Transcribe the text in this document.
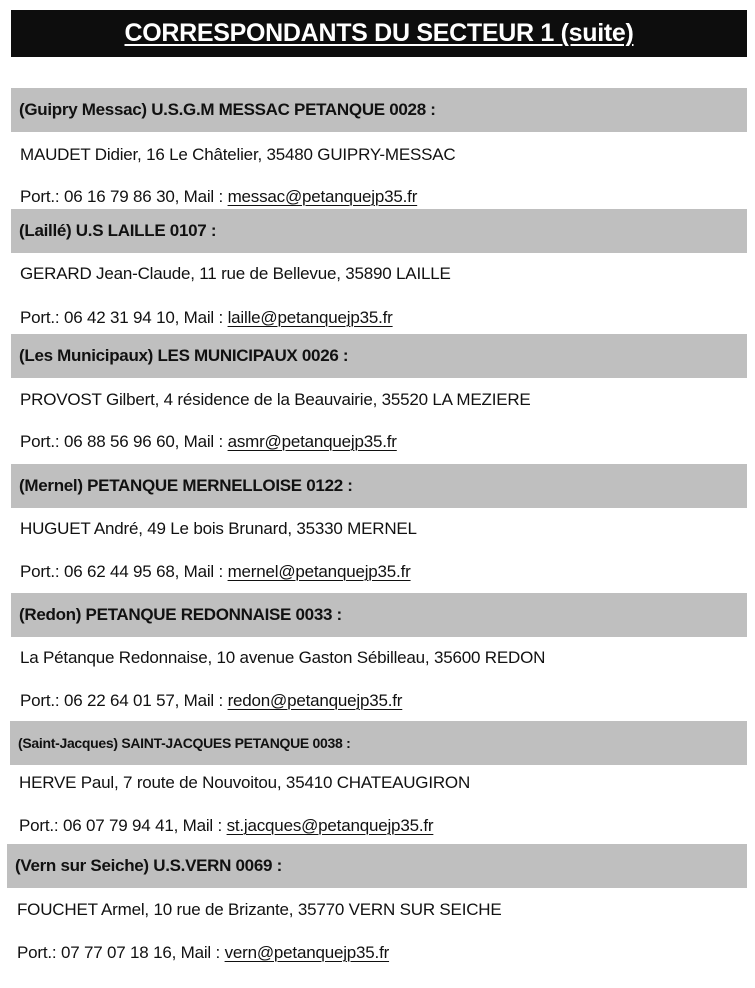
CORRESPONDANTS DU SECTEUR 1 (suite)
(Guipry Messac) U.S.G.M MESSAC PETANQUE 0028 :
MAUDET Didier, 16 Le Châtelier, 35480 GUIPRY-MESSAC
Port.: 06 16 79 86 30, Mail : messac@petanquejp35.fr
(Laillé) U.S LAILLE 0107 :
GERARD Jean-Claude, 11 rue de Bellevue, 35890 LAILLE
Port.: 06 42 31 94 10, Mail : laille@petanquejp35.fr
(Les Municipaux) LES MUNICIPAUX 0026 :
PROVOST Gilbert, 4 résidence de la Beauvairie, 35520 LA MEZIERE
Port.: 06 88 56 96 60, Mail : asmr@petanquejp35.fr
(Mernel) PETANQUE MERNELLOISE 0122 :
HUGUET André, 49 Le bois Brunard, 35330 MERNEL
Port.: 06 62 44 95 68, Mail : mernel@petanquejp35.fr
(Redon) PETANQUE REDONNAISE 0033 :
La Pétanque Redonnaise, 10 avenue Gaston Sébilleau, 35600 REDON
Port.: 06 22 64 01 57, Mail : redon@petanquejp35.fr
(Saint-Jacques) SAINT-JACQUES PETANQUE 0038 :
HERVE Paul, 7 route de Nouvoitou, 35410 CHATEAUGIRON
Port.: 06 07 79 94 41, Mail : st.jacques@petanquejp35.fr
(Vern sur Seiche) U.S.VERN 0069 :
FOUCHET Armel, 10 rue de Brizante, 35770 VERN SUR SEICHE
Port.: 07 77 07 18 16, Mail : vern@petanquejp35.fr
